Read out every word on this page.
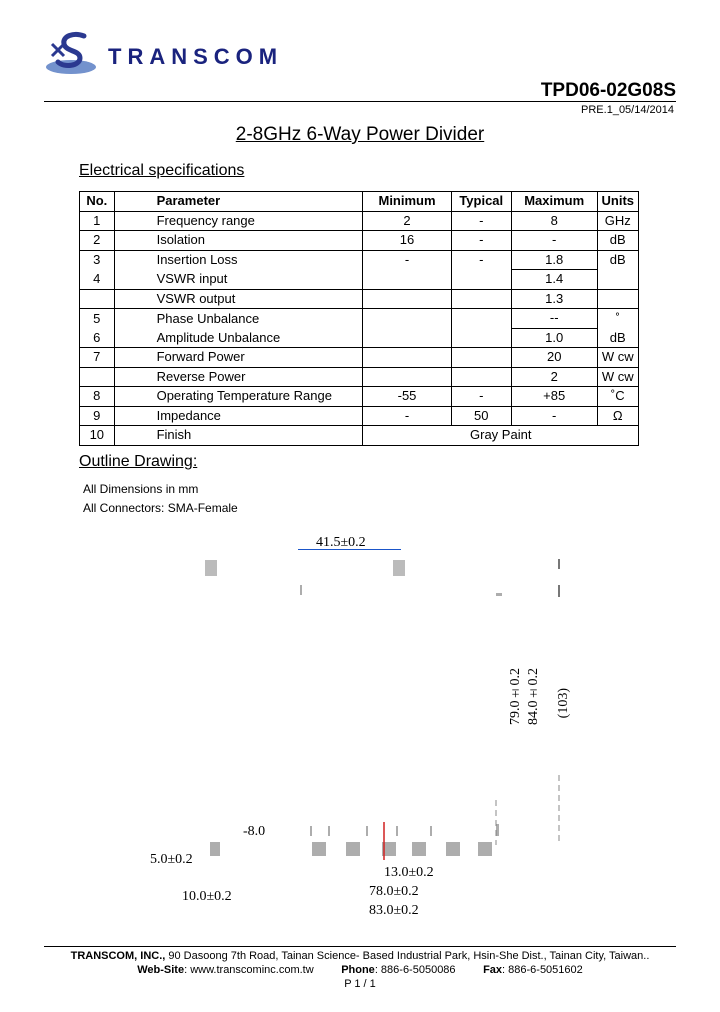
TRANSCOM
TPD06-02G08S
PRE.1_05/14/2014
2-8GHz 6-Way Power Divider
Electrical specifications
No.	Parameter	Minimum	Typical	Maximum	Units
1	Frequency range	2	-	8	GHz
2	Isolation	16	-	-	dB
3	Insertion Loss	-	-	1.8	dB
4	VSWR input			1.4	
	VSWR output			1.3	
5	Phase Unbalance			--	˚
6	Amplitude Unbalance			1.0	dB
7	Forward Power			20	W cw
	Reverse Power			2	W cw
8	Operating Temperature Range	-55	-	+85	˚C
9	Impedance	-	50	-	Ω
10	Finish	Gray Paint			
Outline Drawing:
All Dimensions in mm
All Connectors: SMA-Female
41.5±0.2
79.0±0.2 84.0±0.2 (103)
-8.0
5.0±0.2
13.0±0.2
10.0±0.2	78.0±0.2
83.0±0.2
TRANSCOM, INC., 90 Dasoong 7th Road, Tainan Science- Based Industrial Park, Hsin-She Dist., Tainan City, Taiwan..
Web-Site: www.transcominc.com.tw	Phone: 886-6-5050086	Fax: 886-6-5051602
P 1 / 1
